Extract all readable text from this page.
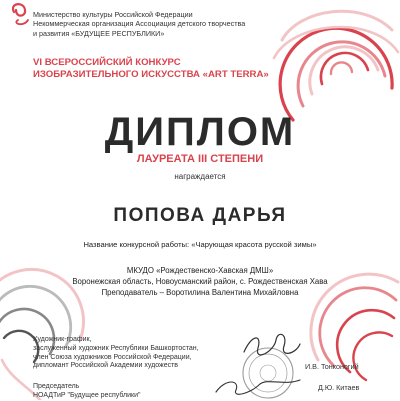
Министерство культуры Российской Федерации
Некоммерческая организация Ассоциация детского творчества
и развития «БУДУЩЕЕ РЕСПУБЛИКИ»
VI ВСЕРОССИЙСКИЙ КОНКУРС
ИЗОБРАЗИТЕЛЬНОГО ИСКУССТВА «ART TERRA»
ДИПЛОМ
ЛАУРЕАТА III СТЕПЕНИ
награждается
ПОПОВА ДАРЬЯ
Название конкурсной работы: «Чарующая красота русской зимы»
МКУДО «Рождественско-Хавская ДМШ»
Воронежская область, Новоусманский район, с. Рождественская Хава
Преподаватель – Воротилина Валентина Михайловна
Художник-график,
заслуженный художник Республики Башкортостан,
член Союза художников Российской Федерации,
дипломант Российской Академии художеств	И.В. Тонконогий
Председатель
НОАДТиР "Будущее республики"
Д.Ю. Китаев
